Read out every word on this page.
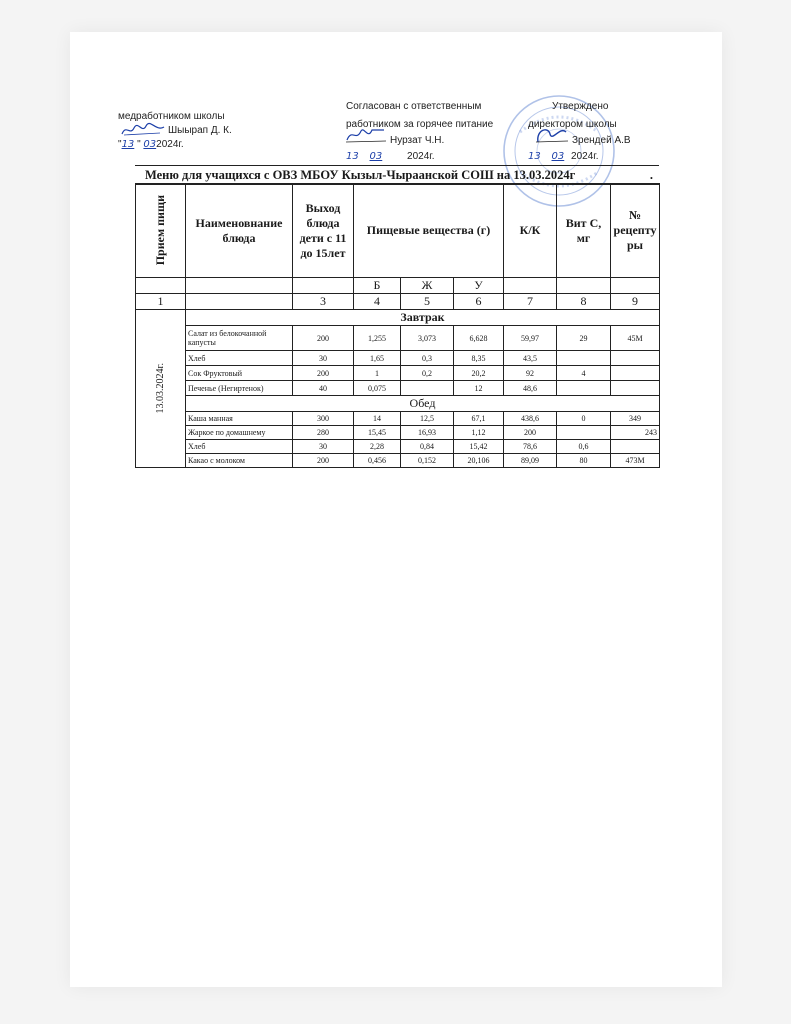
медработником школы
Шыырап Д. К.
"13 " 032024г.
Согласован с ответственным
работником за горячее питание
Нурзат Ч.Н.
13 03 2024г.
Утверждено
директором школы
Зрендей А.В
13 03 2024г.
Меню для учащихся с ОВЗ МБОУ Кызыл-Чыраанской СОШ на 13.03.2024г	.
Прием пищи	Наименовнание блюда	Выход блюда дети с 11 до 15лет	Пищевые вещества (г)			К/К	Вит С, мг	№ рецепту ры
			Б	Ж	У			
1		3	4	5	6	7	8	9

13.03.2024г.	Завтрак							
	Салат из белокочанной капусты	200	1,255	3,073	6,628	59,97	29	45М
	Хлеб	30	1,65	0,3	8,35	43,5		
	Сок Фруктовый	200	1	0,2	20,2	92	4	
	Печенье (Негиртенок)	40	0,075		12	48,6		
	Обед							
	Каша манная	300	14	12,5	67,1	438,6	0	349
	Жаркое по домашнему	280	15,45	16,93	1,12	200		243
	Хлеб	30	2,28	0,84	15,42	78,6	0,6	
	Какао с молоком	200	0,456	0,152	20,106	89,09	80	473М
